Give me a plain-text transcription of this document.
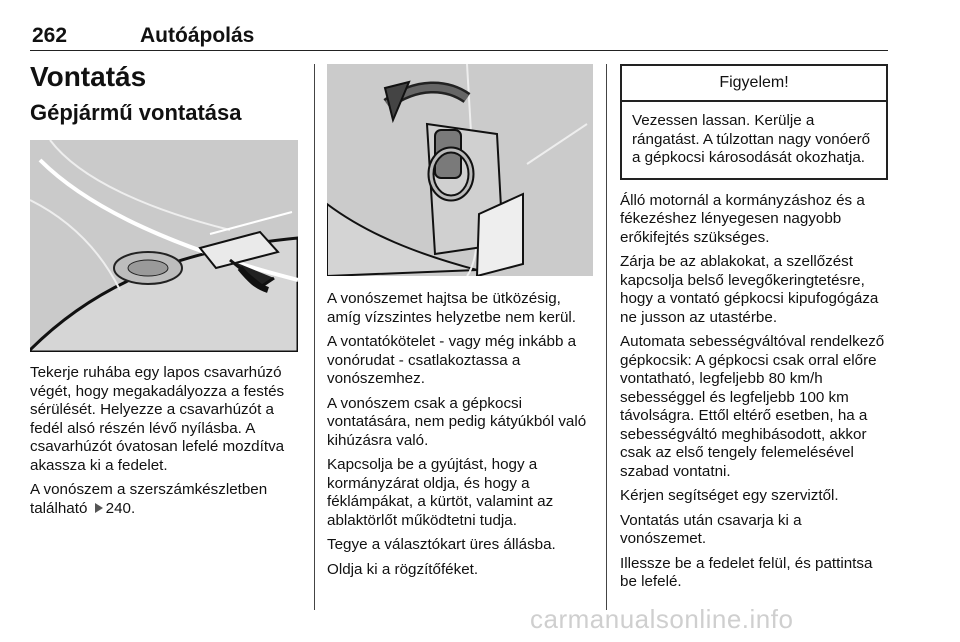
262	Autóápolás
Vontatás
Gépjármű vontatása

Tekerje ruhába egy lapos csavarhúzó végét, hogy megakadályozza a festés sérülését. Helyezze a csavarhúzót a fedél alsó részén lévő nyílásba. A csavarhúzót óvatosan lefelé mozdítva akassza ki a fedelet.

A vonószem a szerszámkészletben található 240.

A vonószemet hajtsa be ütközésig, amíg vízszintes helyzetbe nem kerül.

A vontatókötelet - vagy még inkább a vonórudat - csatlakoztassa a vonószemhez.

A vonószem csak a gépkocsi vontatására, nem pedig kátyúkból való kihúzásra való.

Kapcsolja be a gyújtást, hogy a kormányzárat oldja, és hogy a féklámpákat, a kürtöt, valamint az ablaktörlőt működtetni tudja.

Tegye a választókart üres állásba.

Oldja ki a rögzítőféket.

Figyelem!

Vezessen lassan. Kerülje a rángatást. A túlzottan nagy vonóerő a gépkocsi károsodását okozhatja.

Álló motornál a kormányzáshoz és a fékezéshez lényegesen nagyobb erőkifejtés szükséges.

Zárja be az ablakokat, a szellőzést kapcsolja belső levegőkeringtetésre, hogy a vontató gépkocsi kipufogógáza ne jusson az utastérbe.

Automata sebességváltóval rendelkező gépkocsik: A gépkocsi csak orral előre vontatható, legfeljebb 80 km/h sebességgel és legfeljebb 100 km távolságra. Ettől eltérő esetben, ha a sebességváltó meghibásodott, akkor csak az első tengely felemelésével szabad vontatni.

Kérjen segítséget egy szerviztől.

Vontatás után csavarja ki a vonószemet.

Illessze be a fedelet felül, és pattintsa be lefelé.

carmanualsonline.info
